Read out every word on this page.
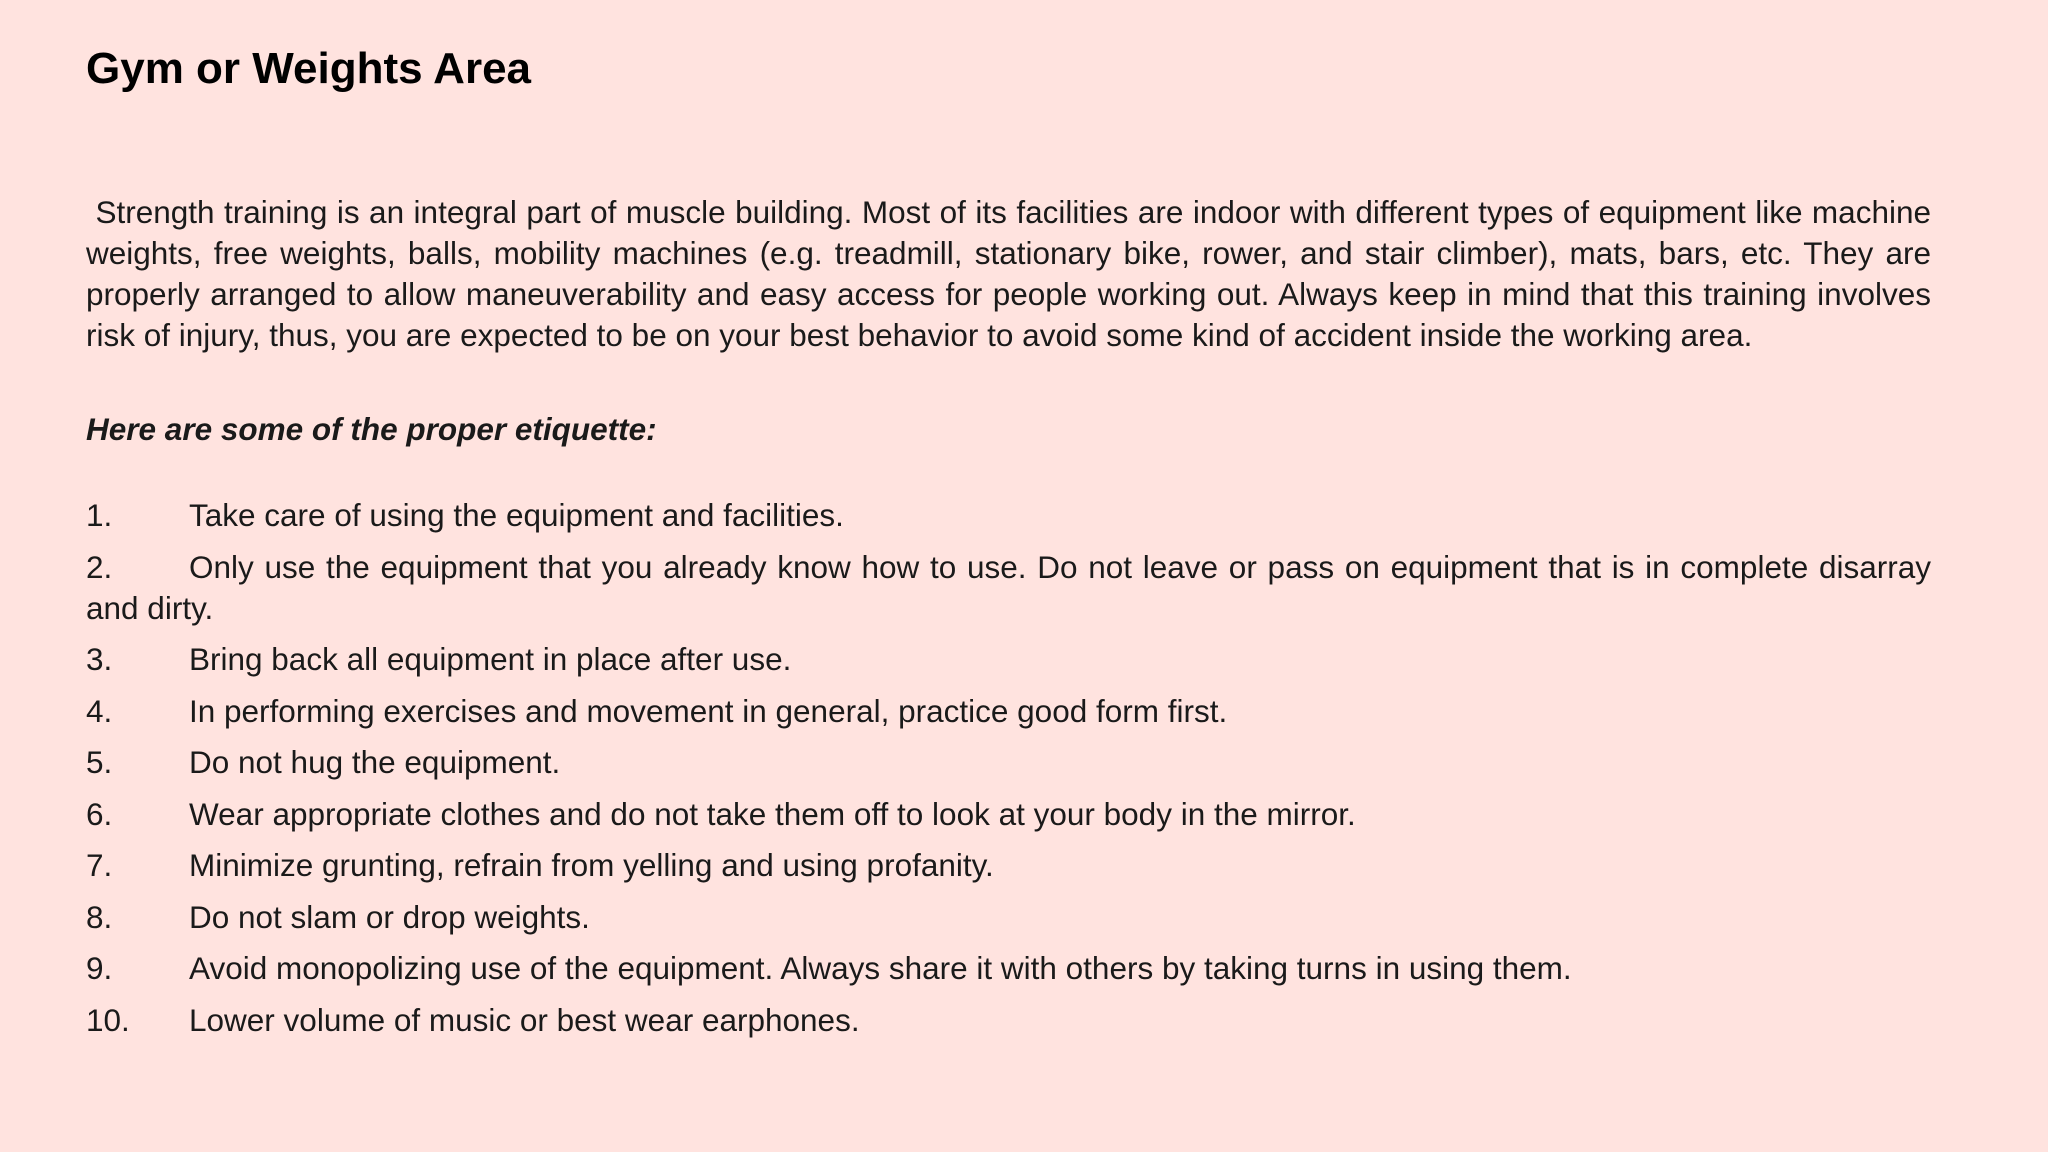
Gym or Weights Area

Strength training is an integral part of muscle building. Most of its facilities are indoor with different types of equipment like machine weights, free weights, balls, mobility machines (e.g. treadmill, stationary bike, rower, and stair climber), mats, bars, etc. They are properly arranged to allow maneuverability and easy access for people working out. Always keep in mind that this training involves risk of injury, thus, you are expected to be on your best behavior to avoid some kind of accident inside the working area.

Here are some of the proper etiquette:

1. Take care of using the equipment and facilities.
2. Only use the equipment that you already know how to use. Do not leave or pass on equipment that is in complete disarray and dirty.
3. Bring back all equipment in place after use.
4. In performing exercises and movement in general, practice good form first.
5. Do not hug the equipment.
6. Wear appropriate clothes and do not take them off to look at your body in the mirror.
7. Minimize grunting, refrain from yelling and using profanity.
8. Do not slam or drop weights.
9. Avoid monopolizing use of the equipment. Always share it with others by taking turns in using them.
10. Lower volume of music or best wear earphones.
